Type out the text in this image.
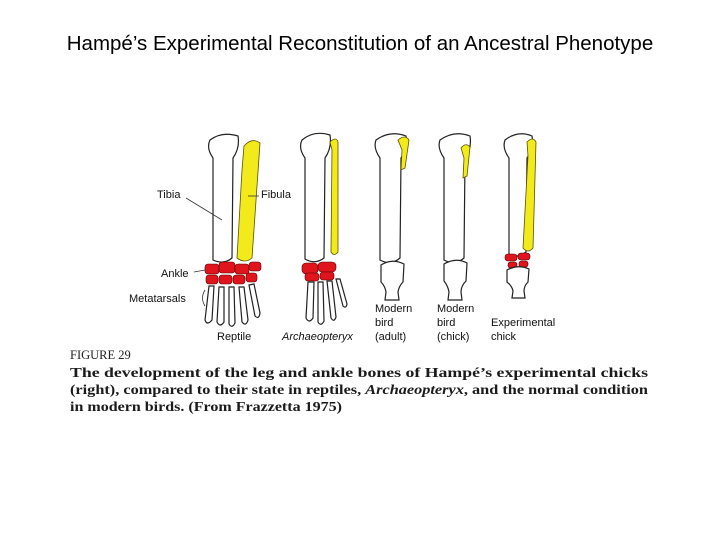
Hampé’s Experimental Reconstitution of an Ancestral Phenotype
Tibia	Fibula
Ankle
Metatarsals
Reptile	Archaeopteryx
Modern
bird
(adult)
Modern
bird
(chick)
Experimental
chick
FIGURE 29
The development of the leg and ankle bones of Hampé’s experimental chicks
(right), compared to their state in reptiles,	Archaeopteryx , and the normal condition
in modern birds. (From Frazzetta 1975)
